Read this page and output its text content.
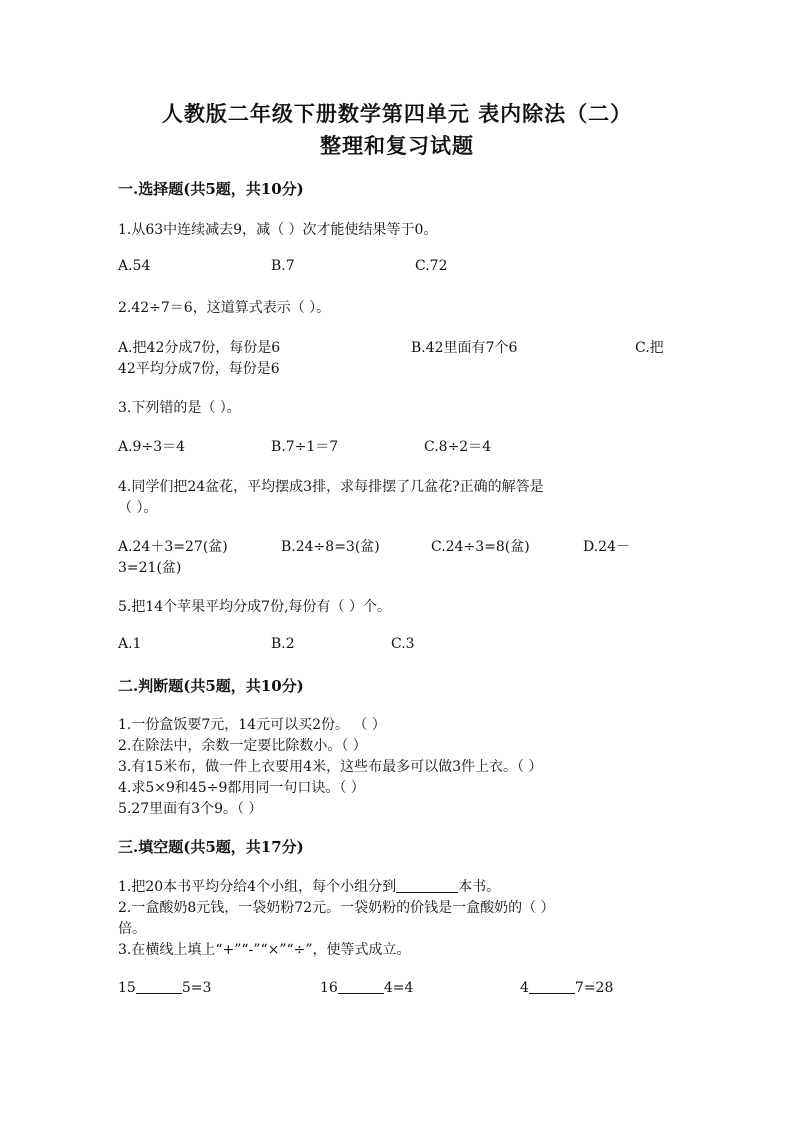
人教版二年级下册数学第四单元 表内除法（二）
整理和复习试题
一.选择题(共5题，共10分)
1.从63中连续减去9，减（ ）次才能使结果等于0。
A.54	B.7	C.72
2.42÷7＝6，这道算式表示（ ）。
A.把42分成7份，每份是6	B.42里面有7个6	C.把
42平均分成7份，每份是6
3.下列错的是（ ）。
A.9÷3＝4	B.7÷1＝7	C.8÷2＝4
4.同学们把24盆花，平均摆成3排，求每排摆了几盆花?正确的解答是
（ ）。
A.24＋3=27(盆)	B.24÷8=3(盆)	C.24÷3=8(盆)	D.24－
3=21(盆)
5.把14个苹果平均分成7份,每份有（ ）个。
A.1	B.2	C.3
二.判断题(共5题，共10分)
1.一份盒饭要7元，14元可以买2份。 （ ）
2.在除法中，余数一定要比除数小。（ ）
3.有15米布，做一件上衣要用4米，这些布最多可以做3件上衣。（ ）
4.求5×9和45÷9都用同一句口诀。（ ）
5.27里面有3个9。（ ）
三.填空题(共5题，共17分)
1.把20本书平均分给4个小组，每个小组分到	本书。
2.一盒酸奶8元钱，一袋奶粉72元。一袋奶粉的价钱是一盒酸奶的（ ）
倍。
3.在横线上填上“+”“-”“×”“÷”，使等式成立。
15	5=3	16	4=4	4	7=28
